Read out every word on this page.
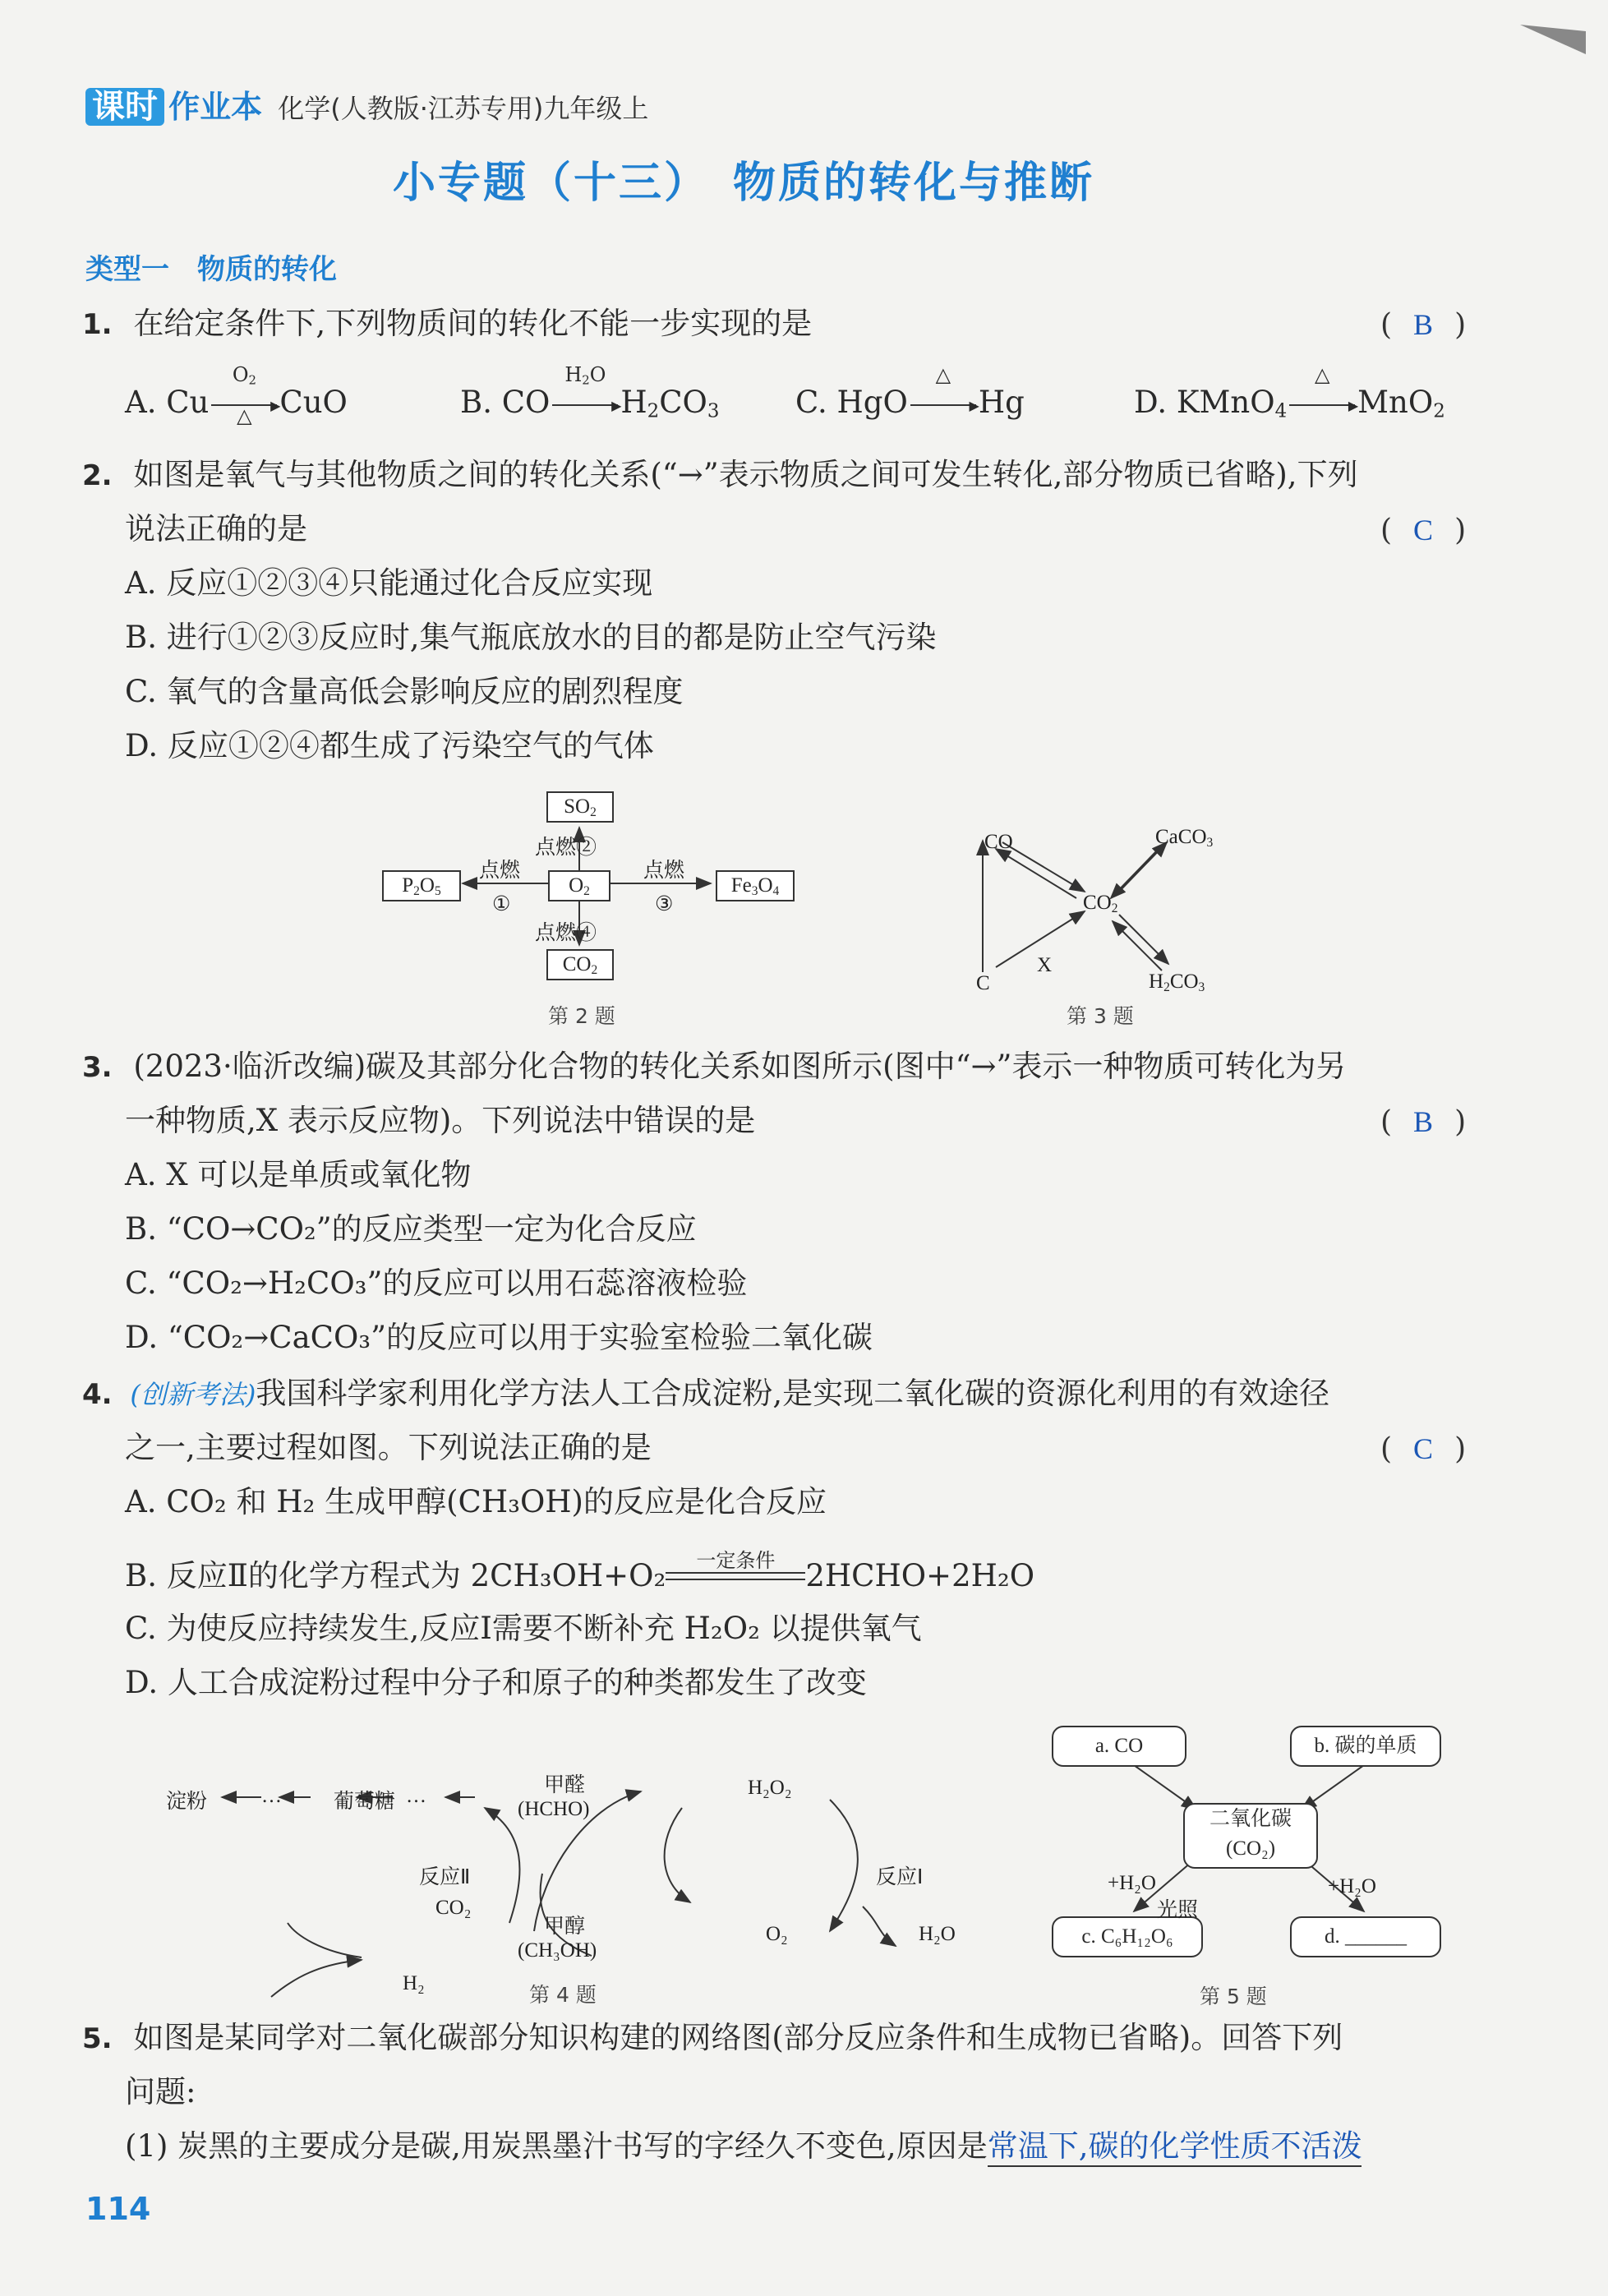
课时 作业本 化学(人教版·江苏专用)九年级上
小专题（十三）　物质的转化与推断
类型一　物质的转化
1. 在给定条件下,下列物质间的转化不能一步实现的是	( B )
A. Cu
$O_2$
▶
△ CuO	B. CO
$H_2O$
▶ $H_2CO_3$	C. HgO
△
▶ Hg	D. KMnO$_4$
△
▶ MnO$_2$
2. 如图是氧气与其他物质之间的转化关系(“→”表示物质之间可发生转化,部分物质已省略),下列
说法正确的是	( C )
A. 反应①②③④只能通过化合反应实现
B. 进行①②③反应时,集气瓶底放水的目的都是防止空气污染
C. 氧气的含量高低会影响反应的剧烈程度
D. 反应①②④都生成了污染空气的气体
$O_2$
$SO_2$
$P_2O_5$	$Fe_3O_4$
$CO_2$
点燃②
点燃④
点燃
①
点燃
③
第 2 题
CO	CaCO$_3$
$CO_2$
C
X
$H_2CO_3$
第 3 题
3. (2023·临沂改编)碳及其部分化合物的转化关系如图所示(图中“→”表示一种物质可转化为另
一种物质,X 表示反应物)。下列说法中错误的是	( B )
A. X 可以是单质或氧化物
B. “CO→CO₂”的反应类型一定为化合反应
C. “CO₂→H₂CO₃”的反应可以用石蕊溶液检验
D. “CO₂→CaCO₃”的反应可以用于实验室检验二氧化碳
4. (创新考法)我国科学家利用化学方法人工合成淀粉,是实现二氧化碳的资源化利用的有效途径
之一,主要过程如图。下列说法正确的是	( C )
A. CO₂ 和 H₂ 生成甲醇(CH₃OH)的反应是化合反应
B. 反应Ⅱ的化学方程式为 2CH₃OH+O₂	一定条件	2HCHO+2H₂O
C. 为使反应持续发生,反应Ⅰ需要不断补充 H₂O₂ 以提供氧气
D. 人工合成淀粉过程中分子和原子的种类都发生了改变
淀粉	…	葡萄糖 …	甲醛
(HCHO)
反应Ⅱ	反应Ⅰ
H₂O₂
O₂	H₂O
CO₂
H₂
甲醇
(CH₃OH)
第 4 题
a. CO	b. 碳的单质
二氧化碳
(CO₂)
c. C₆H₁₂O₆	d. ______
+H₂O
光照
+H₂O
第 5 题
5. 如图是某同学对二氧化碳部分知识构建的网络图(部分反应条件和生成物已省略)。回答下列
问题:
(1) 炭黑的主要成分是碳,用炭黑墨汁书写的字经久不变色,原因是常温下,碳的化学性质不活泼
114
